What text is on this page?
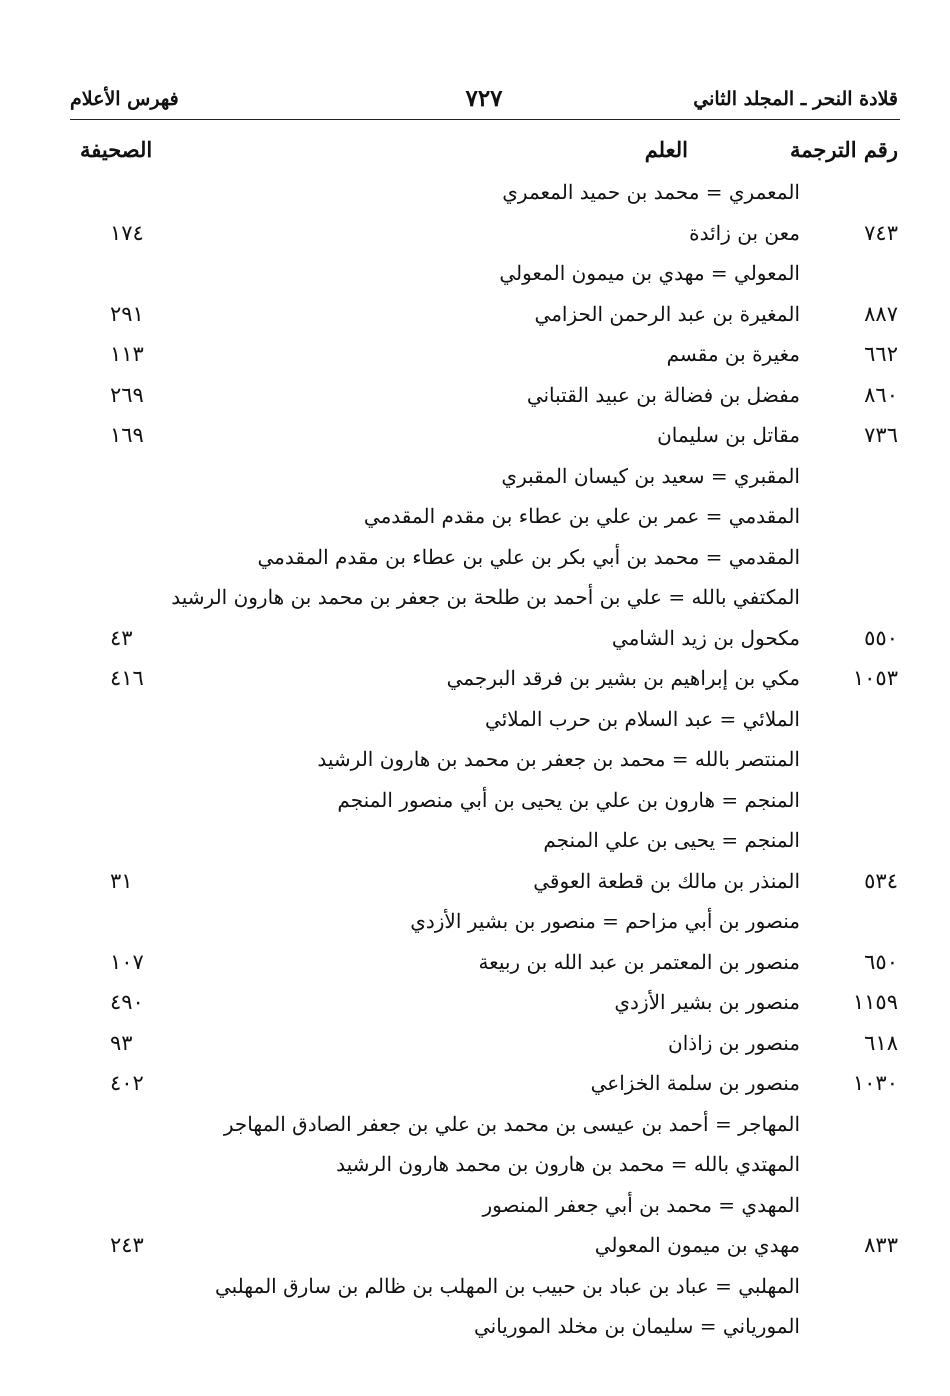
قلادة النحر ـ المجلد الثاني
٧٢٧
فهرس الأعلام
رقم الترجمة
العلم
الصحيفة
المعمري = محمد بن حميد المعمري
٧٤٣
معن بن زائدة
١٧٤
المعولي = مهدي بن ميمون المعولي
٨٨٧
المغيرة بن عبد الرحمن الحزامي
٢٩١
٦٦٢
مغيرة بن مقسم
١١٣
٨٦٠
مفضل بن فضالة بن عبيد القتباني
٢٦٩
٧٣٦
مقاتل بن سليمان
١٦٩
المقبري = سعيد بن كيسان المقبري
المقدمي = عمر بن علي بن عطاء بن مقدم المقدمي
المقدمي = محمد بن أبي بكر بن علي بن عطاء بن مقدم المقدمي
المكتفي بالله = علي بن أحمد بن طلحة بن جعفر بن محمد بن هارون الرشيد
٥٥٠
مكحول بن زيد الشامي
٤٣
١٠٥٣
مكي بن إبراهيم بن بشير بن فرقد البرجمي
٤١٦
الملائي = عبد السلام بن حرب الملائي
المنتصر بالله = محمد بن جعفر بن محمد بن هارون الرشيد
المنجم = هارون بن علي بن يحيى بن أبي منصور المنجم
المنجم = يحيى بن علي المنجم
٥٣٤
المنذر بن مالك بن قطعة العوقي
٣١
منصور بن أبي مزاحم = منصور بن بشير الأزدي
٦٥٠
منصور بن المعتمر بن عبد الله بن ربيعة
١٠٧
١١٥٩
منصور بن بشير الأزدي
٤٩٠
٦١٨
منصور بن زاذان
٩٣
١٠٣٠
منصور بن سلمة الخزاعي
٤٠٢
المهاجر = أحمد بن عيسى بن محمد بن علي بن جعفر الصادق المهاجر
المهتدي بالله = محمد بن هارون بن محمد هارون الرشيد
المهدي = محمد بن أبي جعفر المنصور
٨٣٣
مهدي بن ميمون المعولي
٢٤٣
المهلبي = عباد بن عباد بن حبيب بن المهلب بن ظالم بن سارق المهلبي
المورياني = سليمان بن مخلد المورياني
